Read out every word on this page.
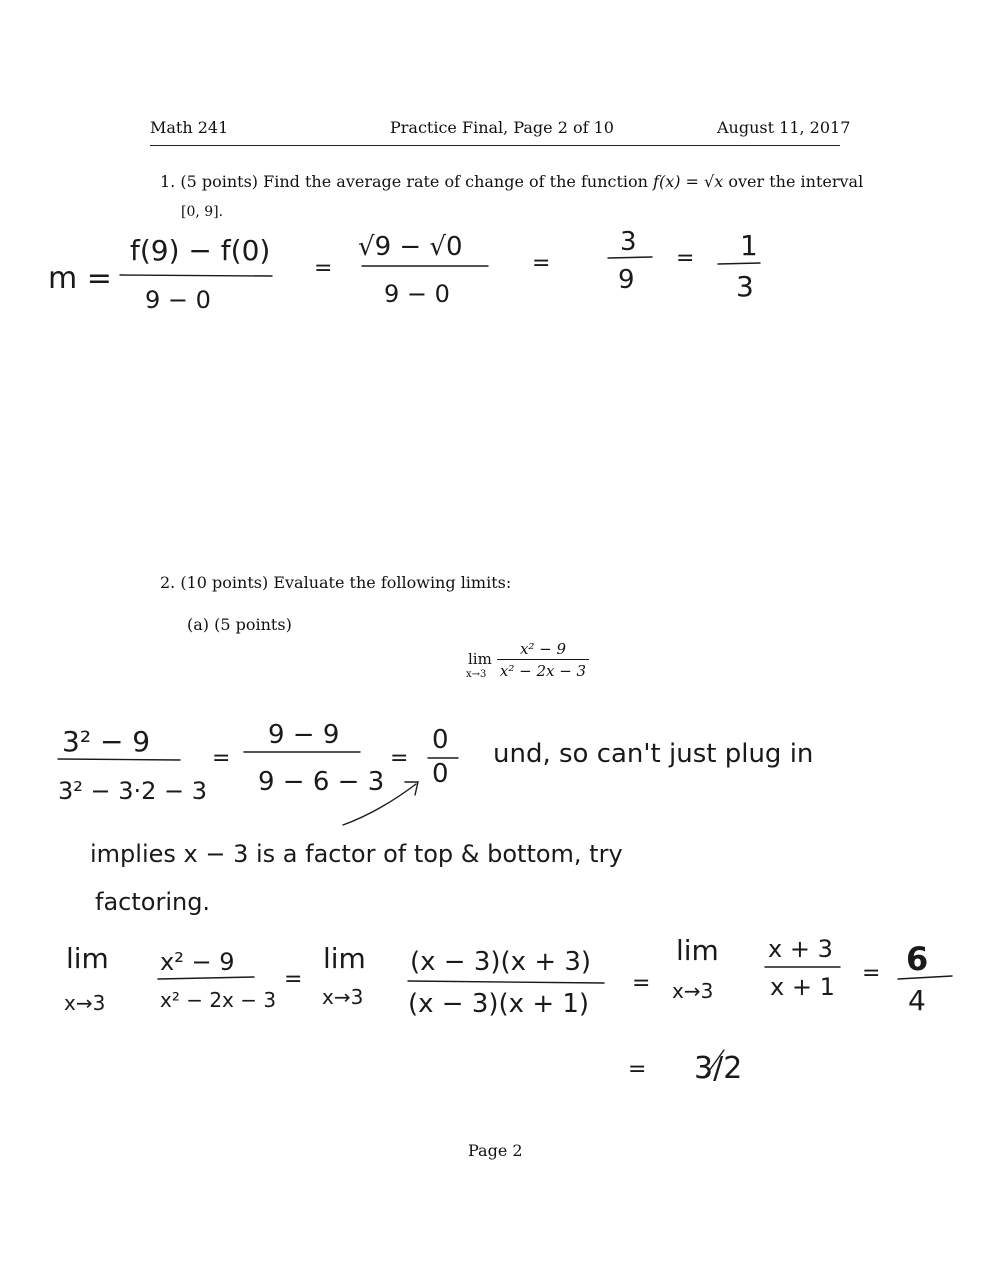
Math 241	Practice Final, Page 2 of 10	August 11, 2017
1. (5 points) Find the average rate of change of the function f(x) = √x over the interval
[0, 9].
2. (10 points) Evaluate the following limits:
(a) (5 points)
lim
$x\to 3 \frac{\text{x² − 9}}{\text{x² − 2x − 3}}$
m =
f(9) − f(0)
9 − 0
=
√9 − √0
9 − 0
=
3
9
= 1
3
3² − 9
3² − 3·2 − 3
=
9 − 9
9 − 6 − 3
=
0
0
und, so can't just plug in
implies x − 3 is a factor of top & bottom, try
factoring.
lim
x→3
x² − 9
x² − 2x − 3
=
lim
x→3
(x − 3)(x + 3)
(x − 3)(x + 1)
=
lim
x→3
x + 3
x + 1 = 6
4
= 3/2
Page 2
